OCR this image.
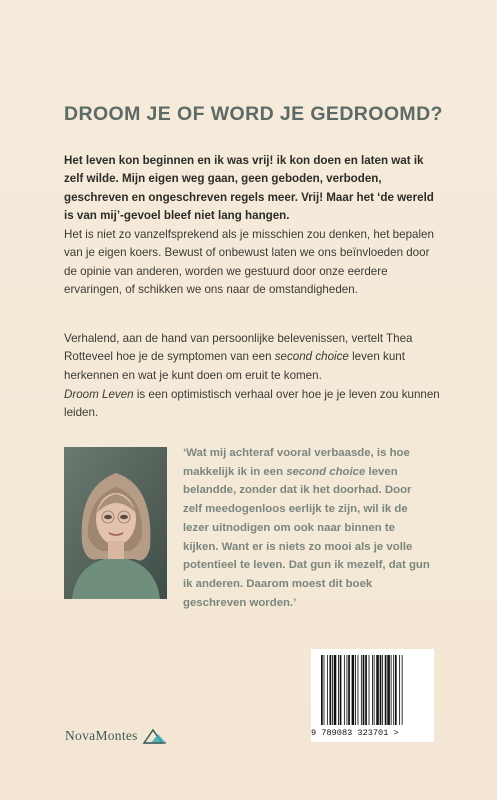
DROOM JE OF WORD JE GEDROOMD?
Het leven kon beginnen en ik was vrij! ik kon doen en laten wat ik zelf wilde. Mijn eigen weg gaan, geen geboden, verboden, geschreven en ongeschreven regels meer. Vrij! Maar het ‘de wereld is van mij’-gevoel bleef niet lang hangen.
Het is niet zo vanzelfsprekend als je misschien zou denken, het bepalen van je eigen koers. Bewust of onbewust laten we ons beïnvloeden door de opinie van anderen, worden we gestuurd door onze eerdere ervaringen, of schikken we ons naar de omstandigheden.
Verhalend, aan de hand van persoonlijke belevenissen, vertelt Thea Rotteveel hoe je de symptomen van een second choice leven kunt herkennen en wat je kunt doen om eruit te komen.
Droom Leven is een optimistisch verhaal over hoe je je leven zou kunnen leiden.
‘Wat mij achteraf vooral verbaasde, is hoe makkelijk ik in een second choice leven belandde, zonder dat ik het doorhad. Door zelf meedogenloos eerlijk te zijn, wil ik de lezer uitnodigen om ook naar binnen te kijken. Want er is niets zo mooi als je volle potentieel te leven. Dat gun ik mezelf, dat gun ik anderen. Daarom moest dit boek geschreven worden.’
NovaMontes	9 789083 323701 >
